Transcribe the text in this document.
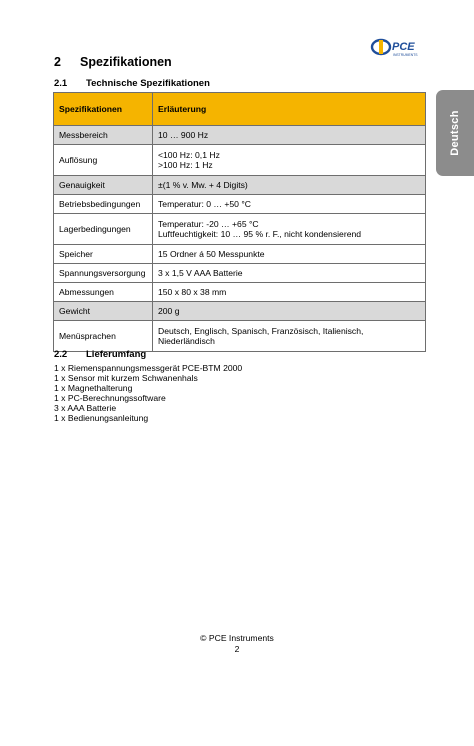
PCE
INSTRUMENTS
Deutsch
2 Spezifikationen
2.1 Technische Spezifikationen
Spezifikationen	Erläuterung
Messbereich	10 … 900 Hz

Auflösung	<100 Hz: 0,1 Hz
>100 Hz: 1 Hz

Genauigkeit	±(1 % v. Mw. + 4 Digits)

Betriebsbedingungen	Temperatur: 0 … +50 °C

Lagerbedingungen	Temperatur: -20 … +65 °C
Luftfeuchtigkeit: 10 … 95 % r. F., nicht kondensierend

Speicher	15 Ordner á 50 Messpunkte

Spannungsversorgung	3 x 1,5 V AAA Batterie

Abmessungen	150 x 80 x 38 mm

Gewicht	200 g

Menüsprachen	Deutsch, Englisch, Spanisch, Französisch, Italienisch,
Niederländisch
2.2 Lieferumfang
1 x Riemenspannungsmessgerät PCE-BTM 2000
1 x Sensor mit kurzem Schwanenhals
1 x Magnethalterung
1 x PC-Berechnungssoftware
3 x AAA Batterie
1 x Bedienungsanleitung
© PCE Instruments
2
